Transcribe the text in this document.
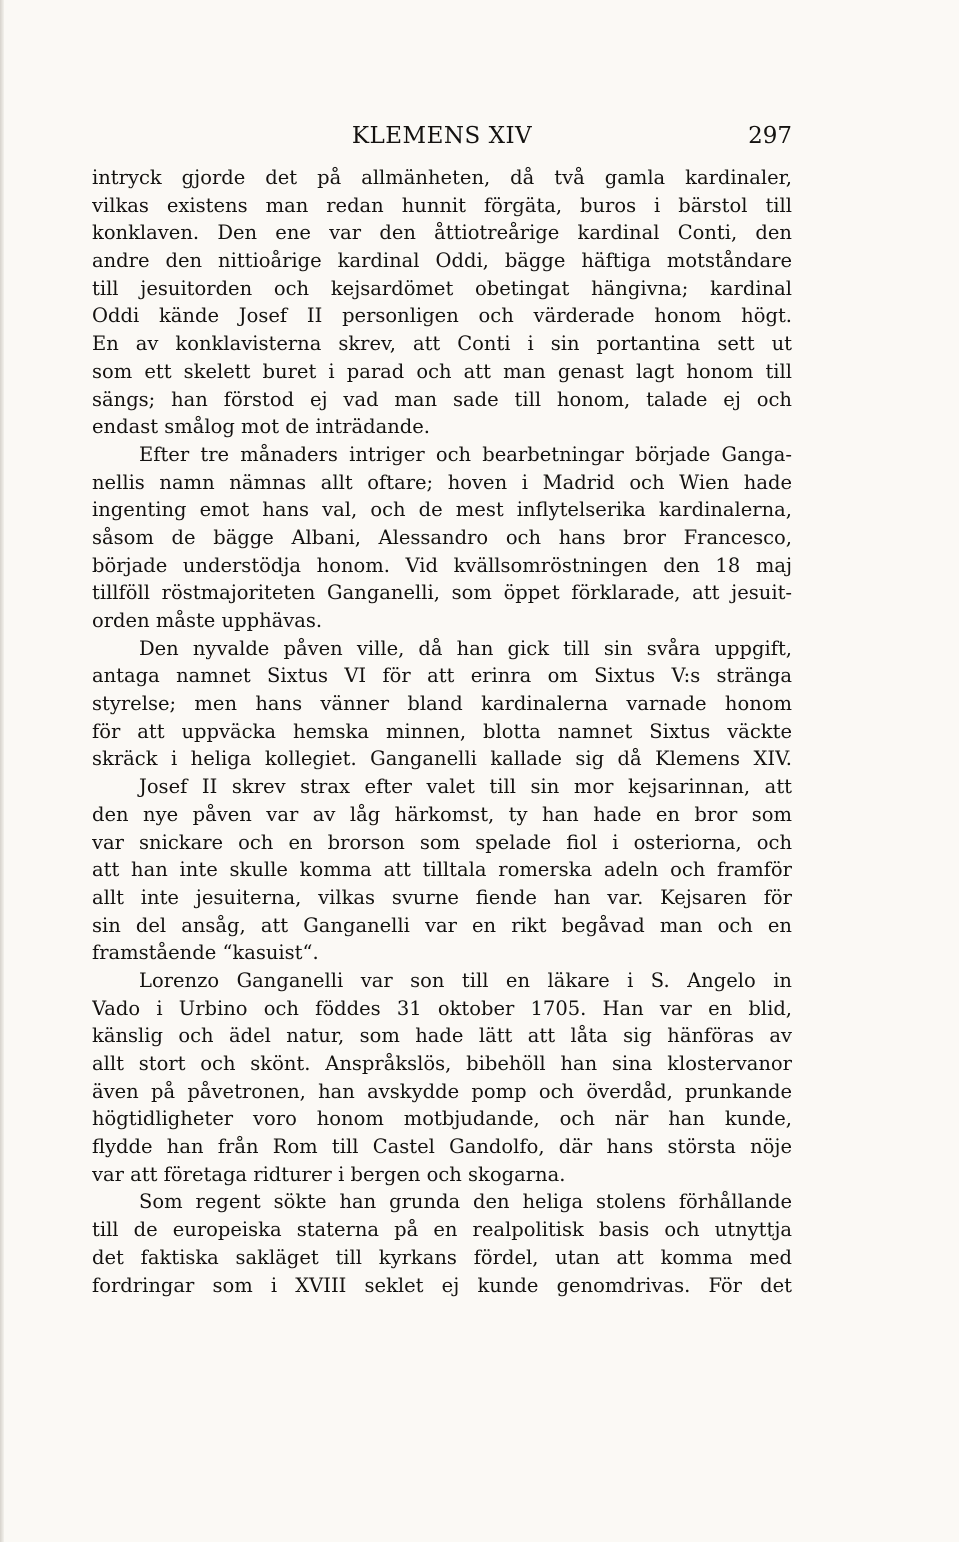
KLEMENS XIV	297
intryck gjorde det på allmänheten, då två gamla kardinaler,
vilkas existens man redan hunnit förgäta, buros i bärstol till
konklaven. Den ene var den åttiotreårige kardinal Conti, den
andre den nittioårige kardinal Oddi, bägge häftiga motståndare
till jesuitorden och kejsardömet obetingat hängivna; kardinal
Oddi kände Josef II personligen och värderade honom högt.
En av konklavisterna skrev, att Conti i sin portantina sett ut
som ett skelett buret i parad och att man genast lagt honom till
sängs; han förstod ej vad man sade till honom, talade ej och
endast smålog mot de inträdande.
Efter tre månaders intriger och bearbetningar började Ganga-
nellis namn nämnas allt oftare; hoven i Madrid och Wien hade
ingenting emot hans val, och de mest inflytelserika kardinalerna,
såsom de bägge Albani, Alessandro och hans bror Francesco,
började understödja honom. Vid kvällsomröstningen den 18 maj
tillföll röstmajoriteten Ganganelli, som öppet förklarade, att jesuit-
orden måste upphävas.
Den nyvalde påven ville, då han gick till sin svåra uppgift,
antaga namnet Sixtus VI för att erinra om Sixtus V:s stränga
styrelse; men hans vänner bland kardinalerna varnade honom
för att uppväcka hemska minnen, blotta namnet Sixtus väckte
skräck i heliga kollegiet. Ganganelli kallade sig då Klemens XIV.
Josef II skrev strax efter valet till sin mor kejsarinnan, att
den nye påven var av låg härkomst, ty han hade en bror som
var snickare och en brorson som spelade fiol i osteriorna, och
att han inte skulle komma att tilltala romerska adeln och framför
allt inte jesuiterna, vilkas svurne fiende han var. Kejsaren för
sin del ansåg, att Ganganelli var en rikt begåvad man och en
framstående “kasuist“.
Lorenzo Ganganelli var son till en läkare i S. Angelo in
Vado i Urbino och föddes 31 oktober 1705. Han var en blid,
känslig och ädel natur, som hade lätt att låta sig hänföras av
allt stort och skönt. Anspråkslös, bibehöll han sina klostervanor
även på påvetronen, han avskydde pomp och överdåd, prunkande
högtidligheter voro honom motbjudande, och när han kunde,
flydde han från Rom till Castel Gandolfo, där hans största nöje
var att företaga ridturer i bergen och skogarna.
Som regent sökte han grunda den heliga stolens förhållande
till de europeiska staterna på en realpolitisk basis och utnyttja
det faktiska sakläget till kyrkans fördel, utan att komma med
fordringar som i XVIII seklet ej kunde genomdrivas. För det
